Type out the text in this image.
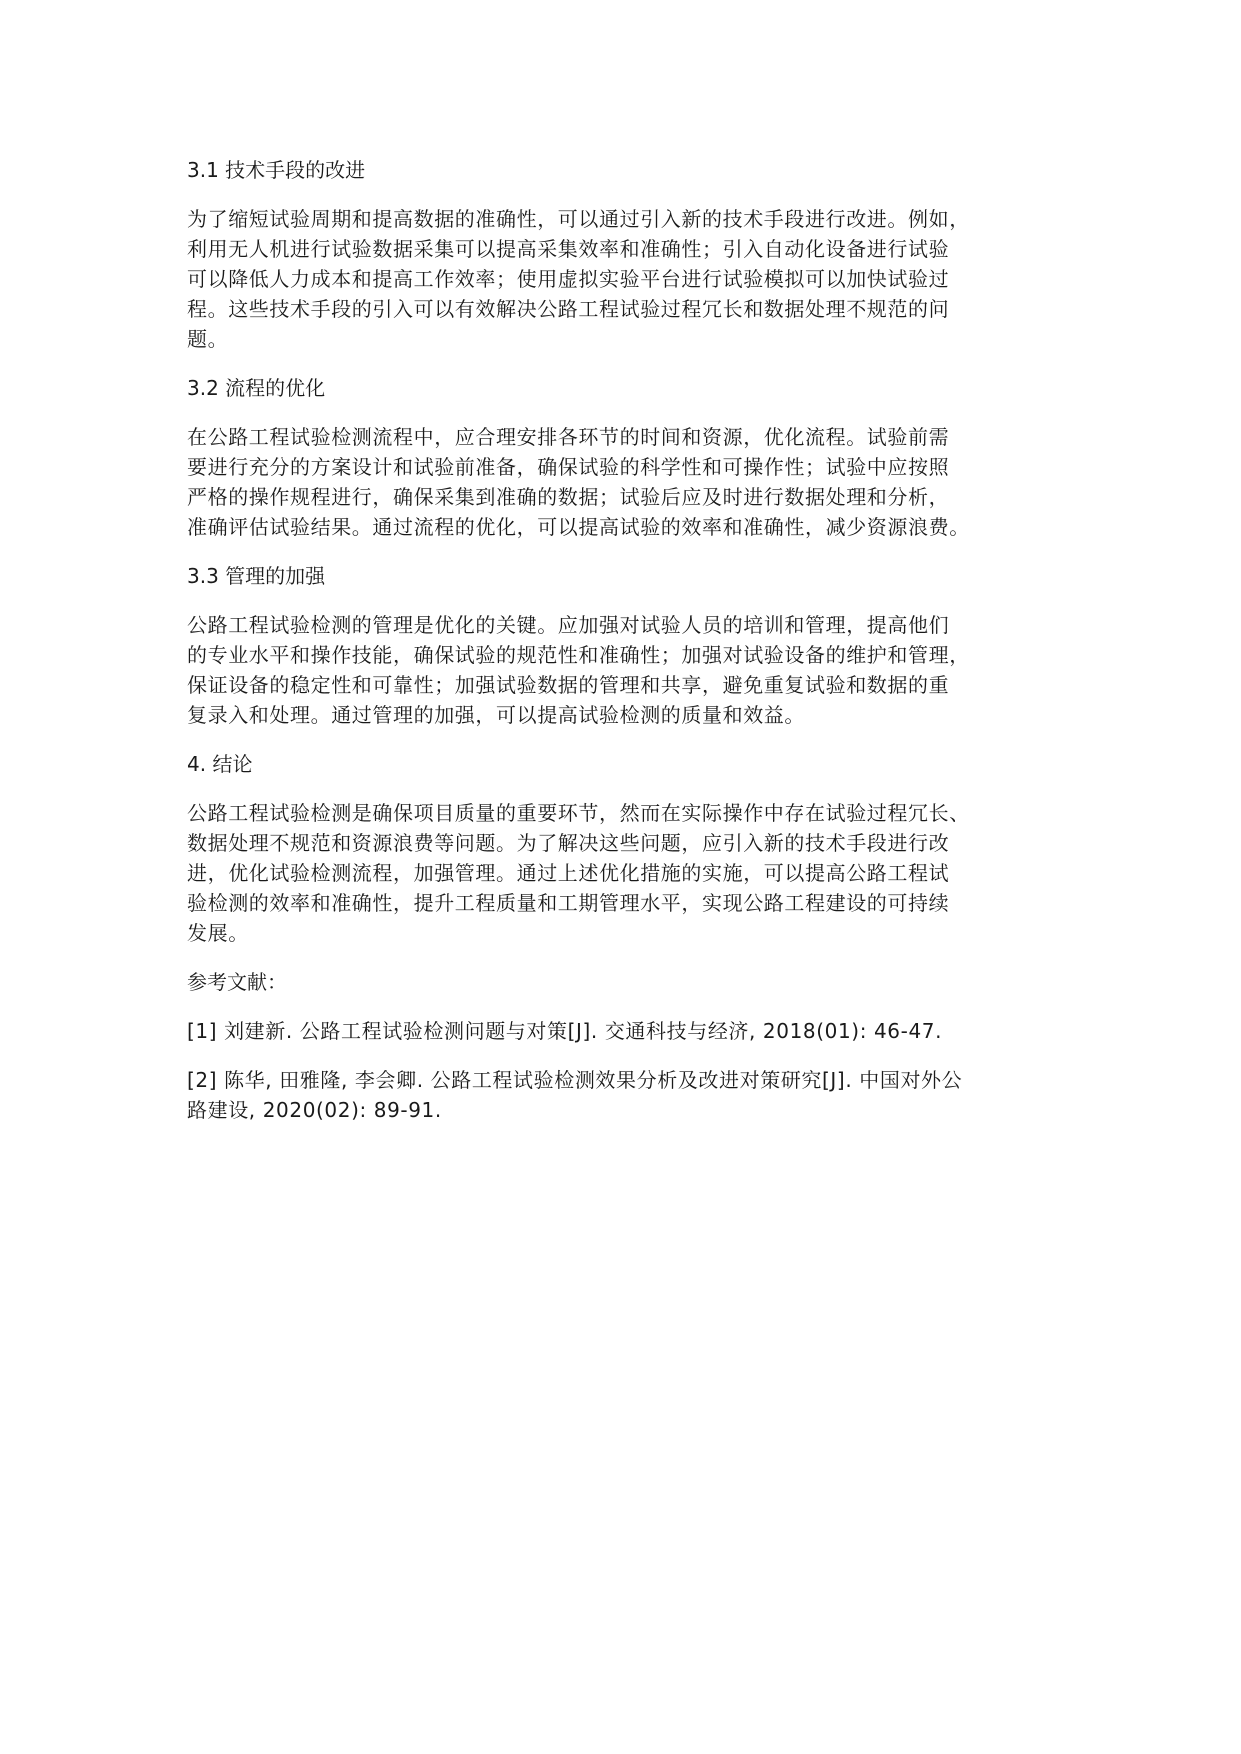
3.1 技术手段的改进
为了缩短试验周期和提高数据的准确性，可以通过引入新的技术手段进行改进。例如，
利用无人机进行试验数据采集可以提高采集效率和准确性；引入自动化设备进行试验
可以降低人力成本和提高工作效率；使用虚拟实验平台进行试验模拟可以加快试验过
程。这些技术手段的引入可以有效解决公路工程试验过程冗长和数据处理不规范的问
题。
3.2 流程的优化
在公路工程试验检测流程中，应合理安排各环节的时间和资源，优化流程。试验前需
要进行充分的方案设计和试验前准备，确保试验的科学性和可操作性；试验中应按照
严格的操作规程进行，确保采集到准确的数据；试验后应及时进行数据处理和分析，
准确评估试验结果。通过流程的优化，可以提高试验的效率和准确性，减少资源浪费。
3.3 管理的加强
公路工程试验检测的管理是优化的关键。应加强对试验人员的培训和管理，提高他们
的专业水平和操作技能，确保试验的规范性和准确性；加强对试验设备的维护和管理，
保证设备的稳定性和可靠性；加强试验数据的管理和共享，避免重复试验和数据的重
复录入和处理。通过管理的加强，可以提高试验检测的质量和效益。
4. 结论
公路工程试验检测是确保项目质量的重要环节，然而在实际操作中存在试验过程冗长、
数据处理不规范和资源浪费等问题。为了解决这些问题，应引入新的技术手段进行改
进，优化试验检测流程，加强管理。通过上述优化措施的实施，可以提高公路工程试
验检测的效率和准确性，提升工程质量和工期管理水平，实现公路工程建设的可持续
发展。
参考文献：
[1] 刘建新. 公路工程试验检测问题与对策[J]. 交通科技与经济, 2018(01): 46-47.
[2] 陈华, 田雅隆, 李会卿. 公路工程试验检测效果分析及改进对策研究[J]. 中国对外公
路建设, 2020(02): 89-91.
